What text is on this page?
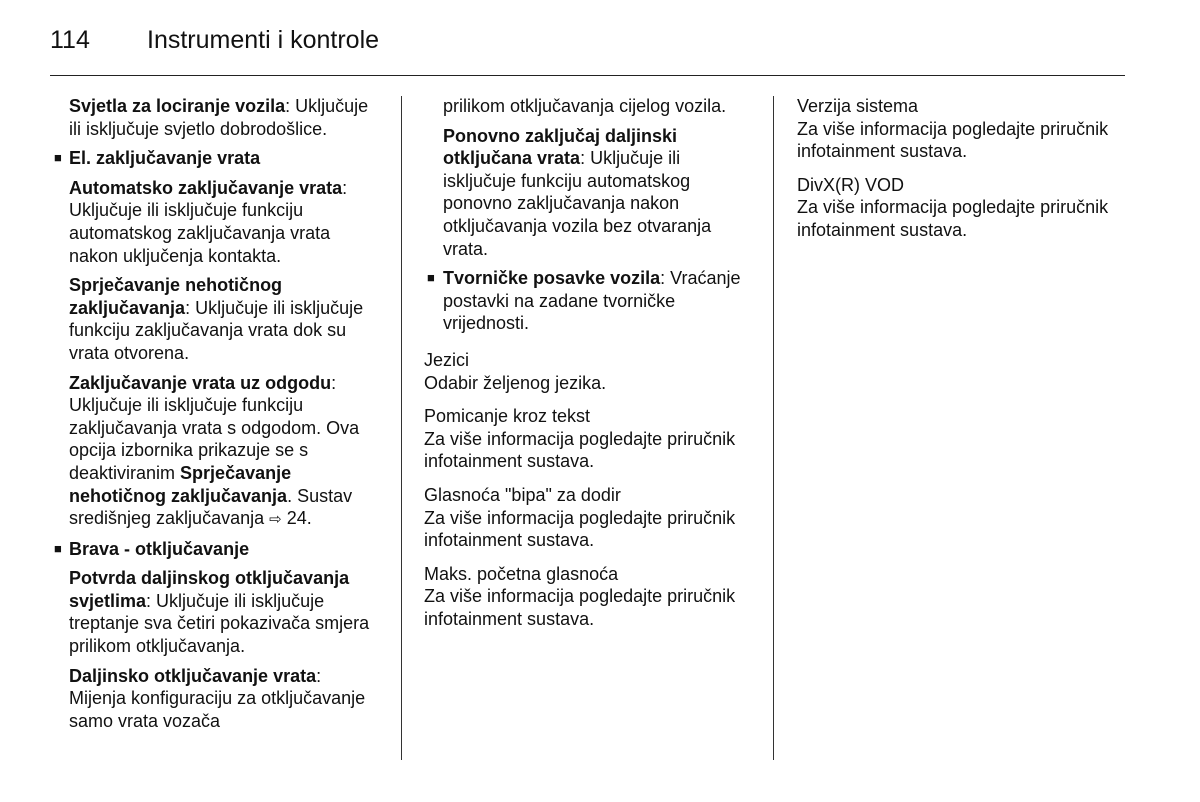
114 Instrumenti i kontrole

Svjetla za lociranje vozila: Uključuje ili isključuje svjetlo dobrodošlice.

■ El. zaključavanje vrata

Automatsko zaključavanje vrata: Uključuje ili isključuje funkciju automatskog zaključavanja vrata nakon uključenja kontakta.

Sprječavanje nehotičnog zaključavanja: Uključuje ili isključuje funkciju zaključavanja vrata dok su vrata otvorena.

Zaključavanje vrata uz odgodu: Uključuje ili isključuje funkciju zaključavanja vrata s odgodom. Ova opcija izbornika prikazuje se s deaktiviranim Sprječavanje nehotičnog zaključavanja. Sustav središnjeg zaključavanja ⇨ 24.

■ Brava - otključavanje

Potvrda daljinskog otključavanja svjetlima: Uključuje ili isključuje treptanje sva četiri pokazivača smjera prilikom otključavanja.

Daljinsko otključavanje vrata: Mijenja konfiguraciju za otključavanje samo vrata vozača

prilikom otključavanja cijelog vozila.

Ponovno zaključaj daljinski otključana vrata: Uključuje ili isključuje funkciju automatskog ponovno zaključavanja nakon otključavanja vozila bez otvaranja vrata.

■ Tvorničke posavke vozila: Vraćanje postavki na zadane tvorničke vrijednosti.

Jezici
Odabir željenog jezika.
Pomicanje kroz tekst
Za više informacija pogledajte priručnik infotainment sustava.
Glasnoća "bipa" za dodir
Za više informacija pogledajte priručnik infotainment sustava.
Maks. početna glasnoća
Za više informacija pogledajte priručnik infotainment sustava.
Verzija sistema
Za više informacija pogledajte priručnik infotainment sustava.
DivX(R) VOD
Za više informacija pogledajte priručnik infotainment sustava.
